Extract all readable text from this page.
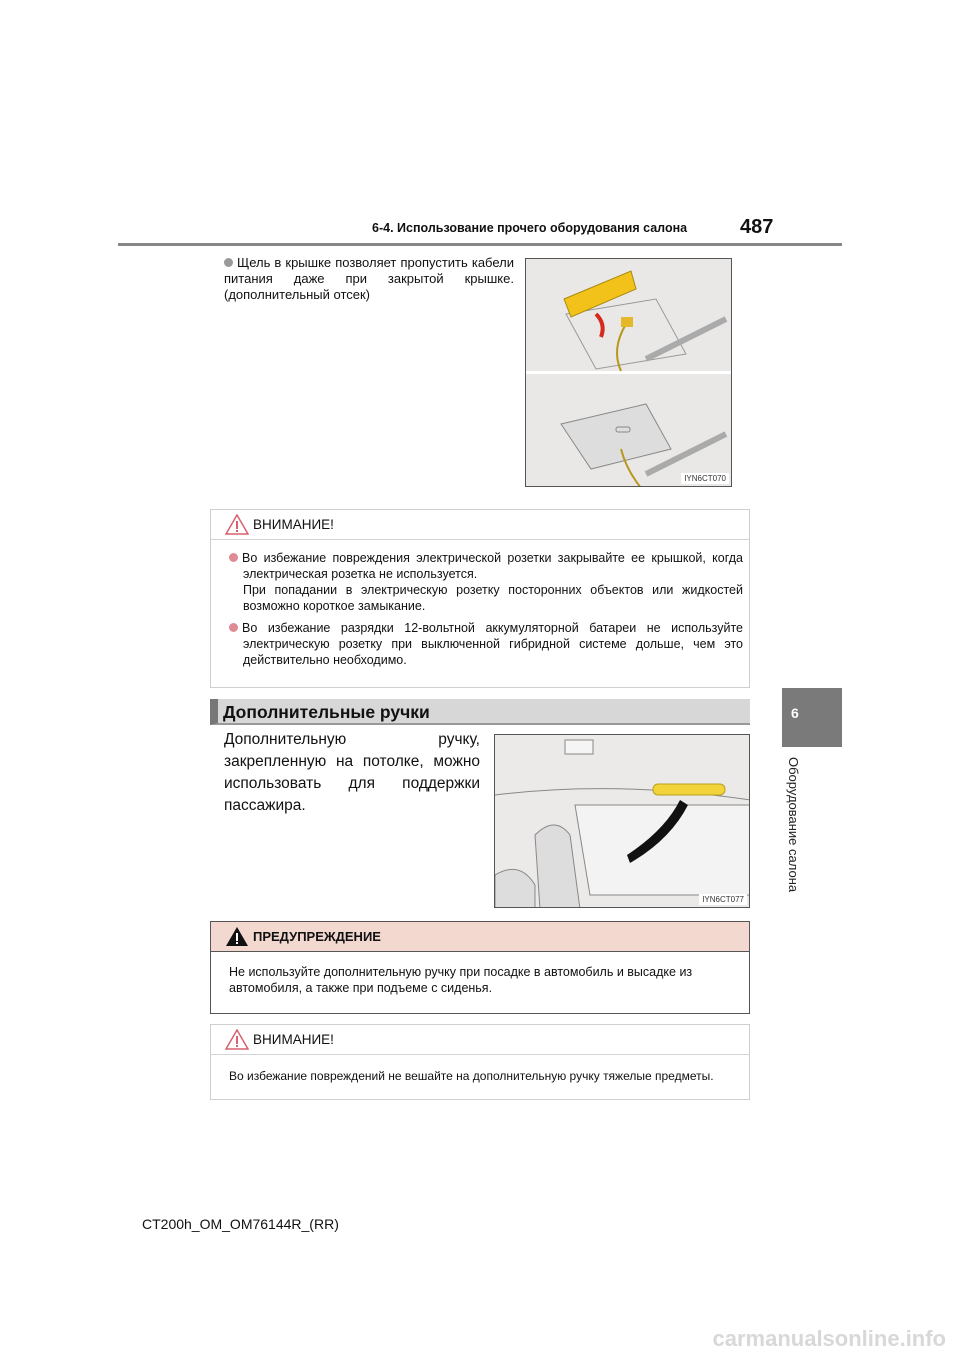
6-4. Использование прочего оборудования салона	487
Щель в крышке позволяет пропустить кабели питания даже при закрытой крышке. (дополнительный отсек)
IYN6CT070
ВНИМАНИЕ!

Во избежание повреждения электрической розетки закрывайте ее крышкой, когда электрическая розетка не используется.
При попадании в электрическую розетку посторонних объектов или жидкостей возможно короткое замыкание.

Во избежание разрядки 12-вольтной аккумуляторной батареи не используйте электрическую розетку при выключенной гибридной системе дольше, чем это действительно необходимо.

Дополнительные ручки
Дополнительную ручку, закрепленную на потолке, можно использовать для поддержки пассажира.
IYN6CT077
ПРЕДУПРЕЖДЕНИЕ
Не используйте дополнительную ручку при посадке в автомобиль и высадке из автомобиля, а также при подъеме с сиденья.
ВНИМАНИЕ!
Во избежание повреждений не вешайте на дополнительную ручку тяжелые предметы.
6
Оборудование салона
CT200h_OM_OM76144R_(RR)
carmanualsonline.info
